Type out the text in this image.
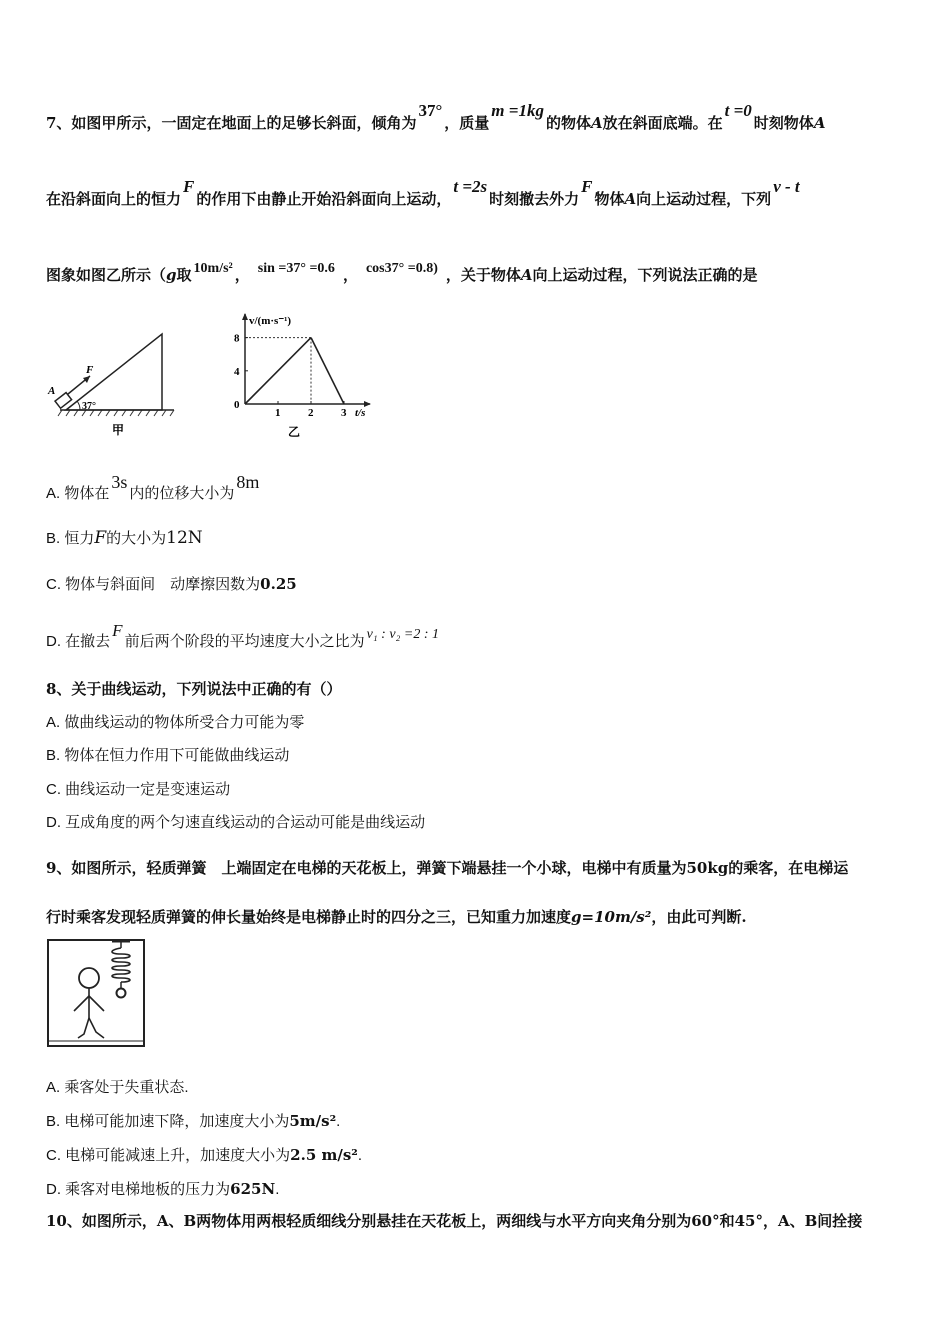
7、如图甲所示，一固定在地面上的足够长斜面，倾角为37°，质量m =1kg的物体A放在斜面底端。在t =0时刻物体A
在沿斜面向上的恒力F的作用下由静止开始沿斜面向上运动，t =2s时刻撤去外力F物体A向上运动过程，下列v - t
图象如图乙所示（g取 10m/s² ， sin =37° =0.6 ， cos37° =0.8) ，关于物体A向上运动过程，下列说法正确的是
F
A
37°
甲
v/(m·s⁻¹)
t/s
乙
1	2	3
0
4
8
A. 物体在3s内的位移大小为8m
B. 恒力F的大小为12N
C. 物体与斜面间　动摩擦因数为0.25
D. 在撤去F前后两个阶段的平均速度大小之比为 v₁ : v₂ =2 : 1
8、关于曲线运动，下列说法中正确的有（）
A. 做曲线运动的物体所受合力可能为零
B. 物体在恒力作用下可能做曲线运动
C. 曲线运动一定是变速运动
D. 互成角度的两个匀速直线运动的合运动可能是曲线运动
9、如图所示，轻质弹簧　上端固定在电梯的天花板上，弹簧下端悬挂一个小球，电梯中有质量为50kg的乘客，在电梯运
行时乘客发现轻质弹簧的伸长量始终是电梯静止时的四分之三，已知重力加速度g=10m/s²，由此可判断.
A. 乘客处于失重状态.
B. 电梯可能加速下降，加速度大小为5m/s².
C. 电梯可能减速上升，加速度大小为2.5 m/s².
D. 乘客对电梯地板的压力为625N.
10、如图所示，A、B两物体用两根轻质细线分别悬挂在天花板上，两细线与水平方向夹角分别为60°和45°，A、B间拴接
